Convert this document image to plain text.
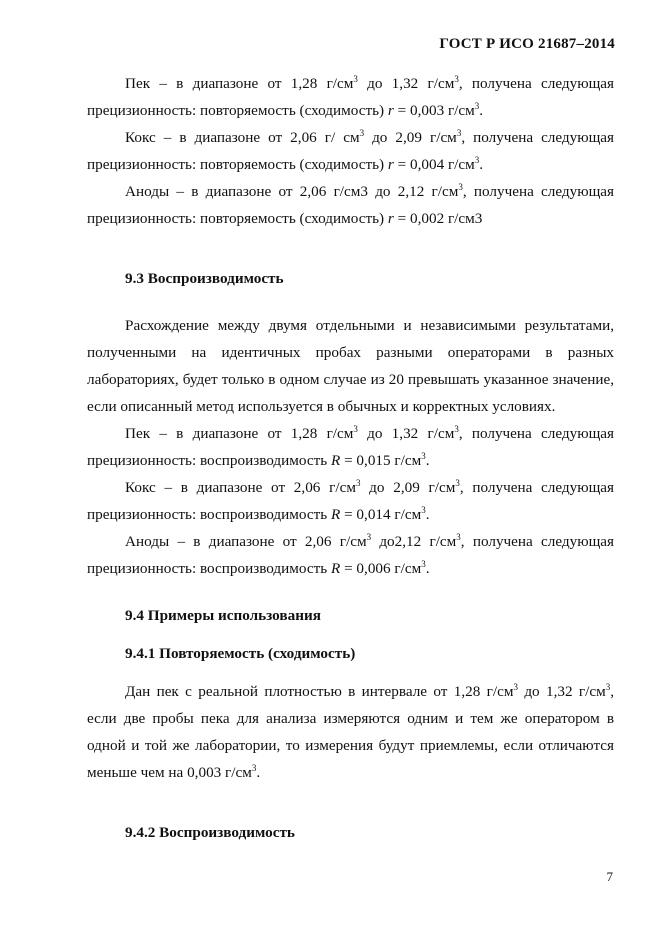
ГОСТ Р ИСО 21687–2014

Пек – в диапазоне от 1,28 $г/см^3$ до 1,32 $г/см^3$, получена следующая прецизионность: повторяемость (сходимость) r = 0,003 $г/см^3$.

Кокс – в диапазоне от 2,06 г/ $см^3$ до 2,09 $г/см^3$, получена следующая прецизионность: повторяемость (сходимость) r = 0,004 $г/см^3$.

Аноды – в диапазоне от 2,06 г/см3 до 2,12 $г/см^3$, получена следующая прецизионность: повторяемость (сходимость) r = 0,002 г/см3

9.3 Воспроизводимость

Расхождение между двумя отдельными и независимыми результатами, полученными на идентичных пробах разными операторами в разных лабораториях, будет только в одном случае из 20 превышать указанное значение, если описанный метод используется в обычных и корректных условиях.

Пек – в диапазоне от 1,28 $г/см^3$ до 1,32 $г/см^3$, получена следующая прецизионность: воспроизводимость R = 0,015 $г/см^3$.

Кокс – в диапазоне от 2,06 $г/см^3$ до 2,09 $г/см^3$, получена следующая прецизионность: воспроизводимость R = 0,014 $г/см^3$.

Аноды – в диапазоне от 2,06 $г/см^3$ до2,12 $г/см^3$, получена следующая прецизионность: воспроизводимость R = 0,006 $г/см^3$.

9.4 Примеры использования
9.4.1 Повторяемость (сходимость)

Дан пек с реальной плотностью в интервале от 1,28 $г/см^3$ до 1,32 $г/см^3$, если две пробы пека для анализа измеряются одним и тем же оператором в одной и той же лаборатории, то измерения будут приемлемы, если отличаются меньше чем на 0,003 $г/см^3$.

9.4.2 Воспроизводимость
7
